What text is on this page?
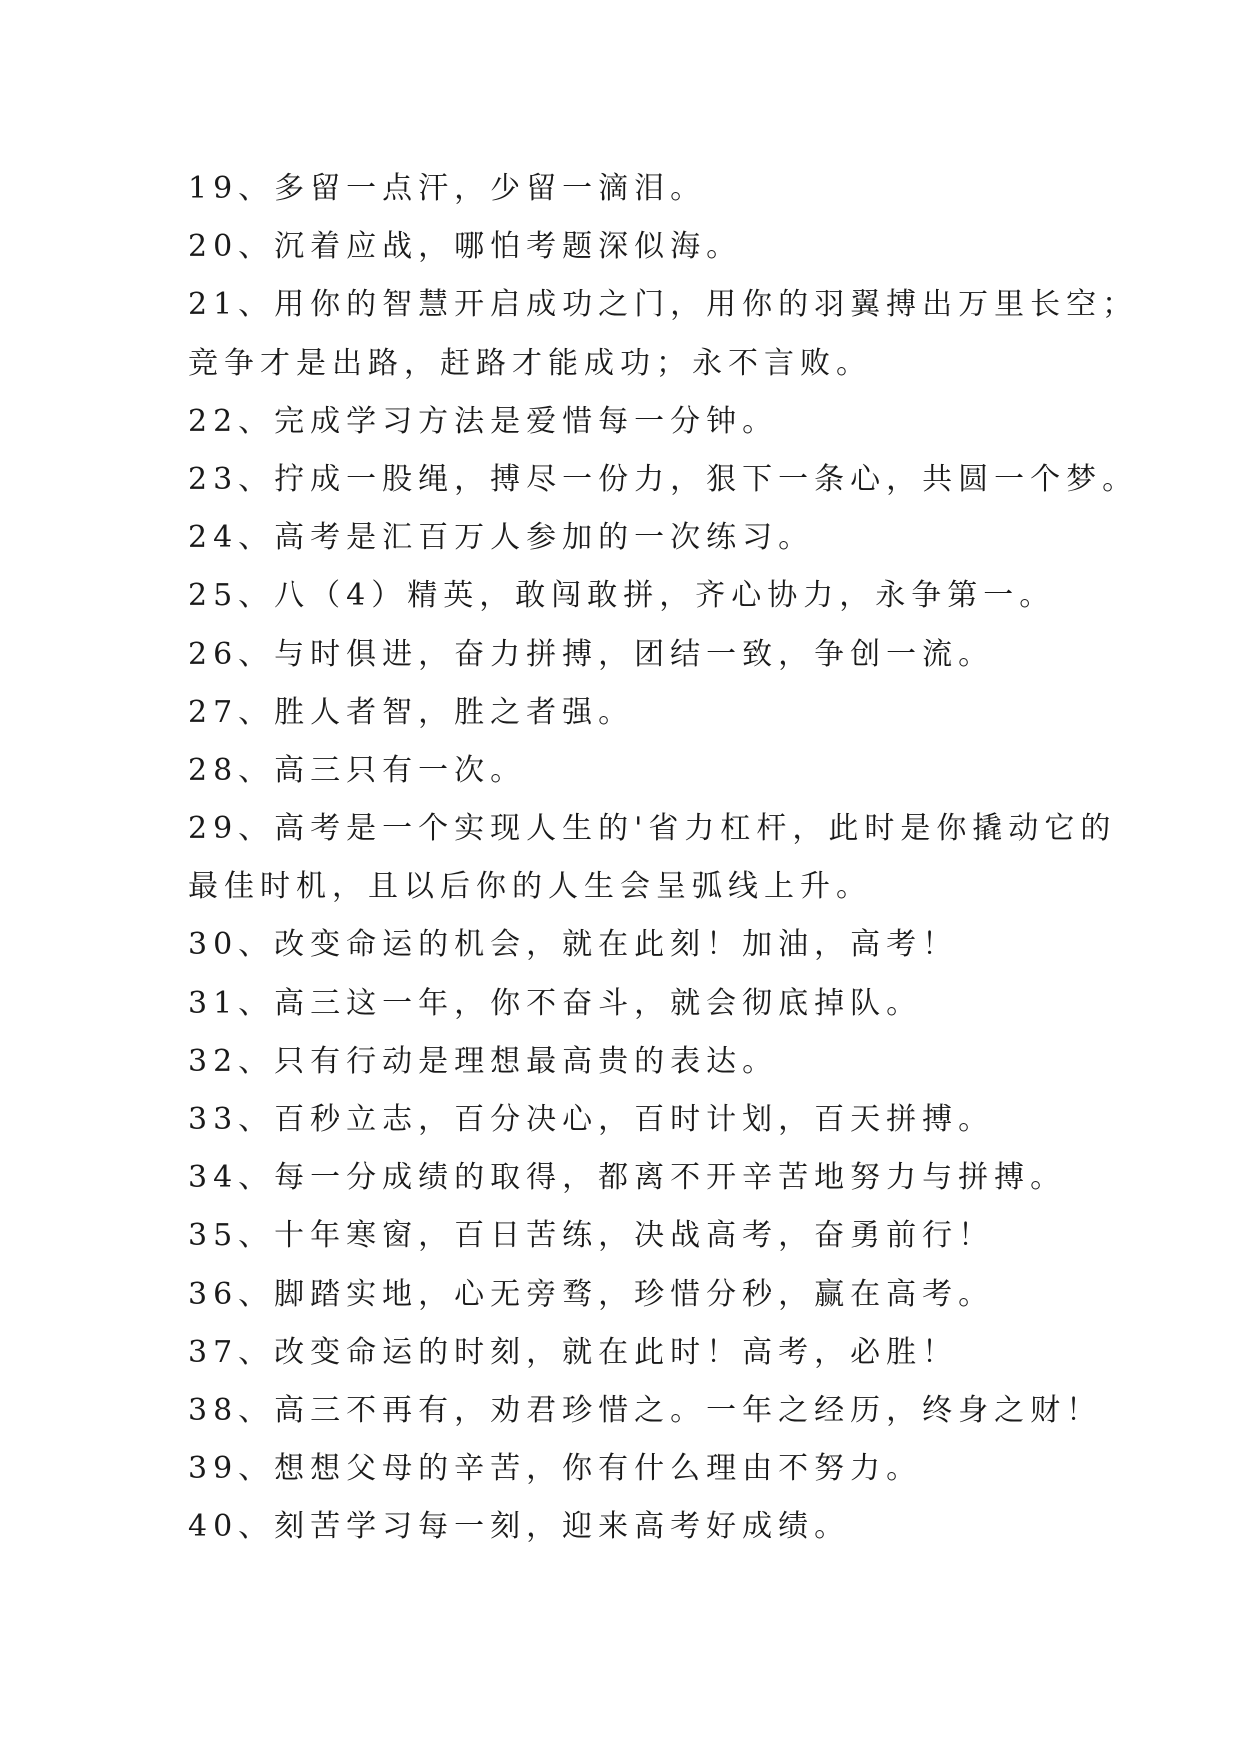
19、多留一点汗，少留一滴泪。
20、沉着应战，哪怕考题深似海。
21、用你的智慧开启成功之门，用你的羽翼搏出万里长空；
竞争才是出路，赶路才能成功；永不言败。
22、完成学习方法是爱惜每一分钟。
23、拧成一股绳，搏尽一份力，狠下一条心，共圆一个梦。
24、高考是汇百万人参加的一次练习。
25、八（4）精英，敢闯敢拼，齐心协力，永争第一。
26、与时俱进，奋力拼搏，团结一致，争创一流。
27、胜人者智，胜之者强。
28、高三只有一次。
29、高考是一个实现人生的'省力杠杆，此时是你撬动它的
最佳时机，且以后你的人生会呈弧线上升。
30、改变命运的机会，就在此刻！加油，高考！
31、高三这一年，你不奋斗，就会彻底掉队。
32、只有行动是理想最高贵的表达。
33、百秒立志，百分决心，百时计划，百天拼搏。
34、每一分成绩的取得，都离不开辛苦地努力与拼搏。
35、十年寒窗，百日苦练，决战高考，奋勇前行！
36、脚踏实地，心无旁骛，珍惜分秒，赢在高考。
37、改变命运的时刻，就在此时！高考，必胜！
38、高三不再有，劝君珍惜之。一年之经历，终身之财！
39、想想父母的辛苦，你有什么理由不努力。
40、刻苦学习每一刻，迎来高考好成绩。
